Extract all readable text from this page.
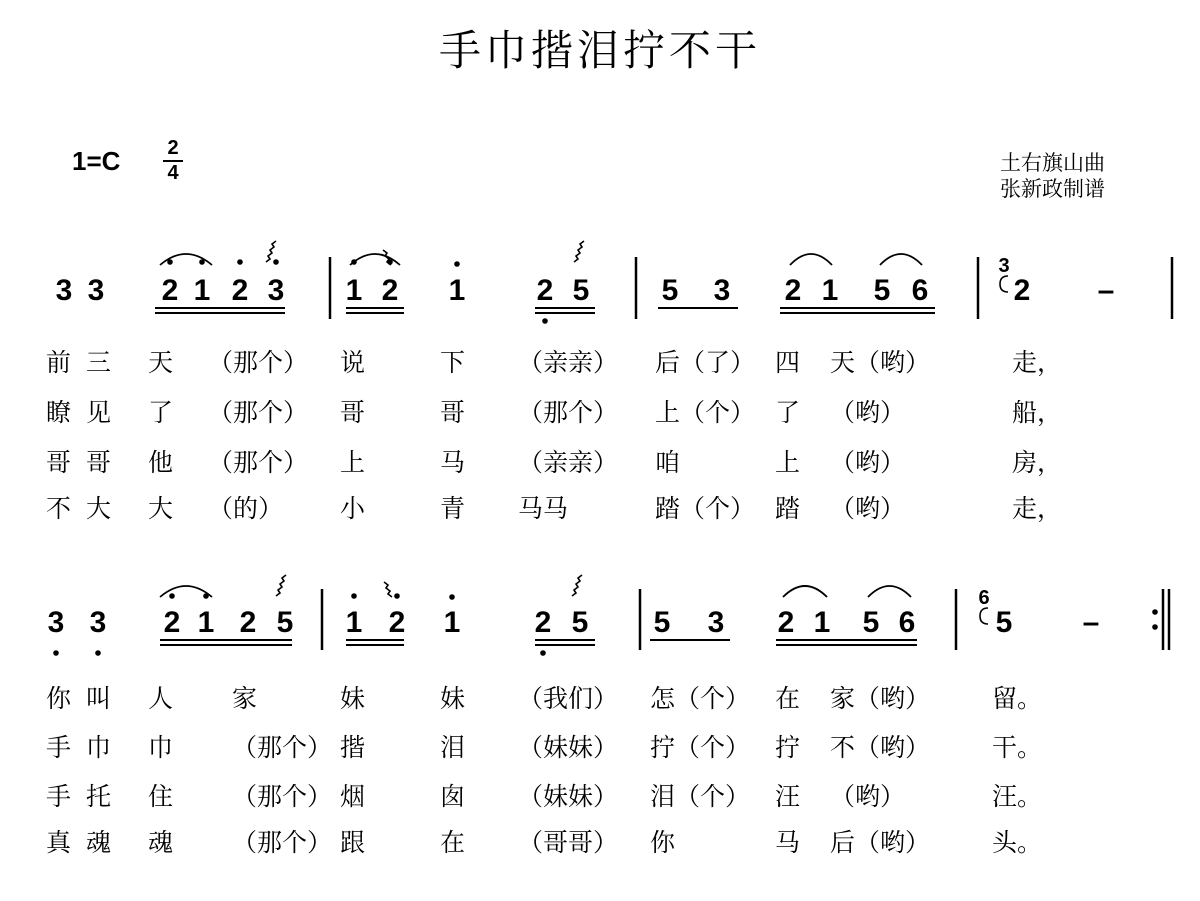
手巾揩泪拧不干
1=C 2
4	土右旗山曲
张新政制谱
3 3 2 1 2 3 1 2 1 2 5 5 3 2 1 5 6	2
3
–
3 3 2 1 2 5 1 2 1 2 5 5 3 2 1 5 6	5
6
–
前 三 天 （那个） 说	下 （亲亲） 后（了） 四 天（哟）	走，
瞭 见 了 （那个） 哥	哥 （那个） 上（个） 了 （哟）	船，
哥 哥 他 （那个） 上	马 （亲亲） 咱	上 （哟）	房，
不 大 大 （的） 小	青 马马	踏（个） 踏 （哟）	走，
你 叫 人 家	妹	妹 （我们） 怎（个） 在 家（哟） 留。
手 巾 巾 （那个） 揩	泪 （妹妹） 拧（个） 拧 不（哟） 干。
手 托 住 （那个） 烟	囱 （妹妹） 泪（个） 汪 （哟）	汪。
真 魂 魂 （那个） 跟	在 （哥哥） 你	马 后（哟） 头。
